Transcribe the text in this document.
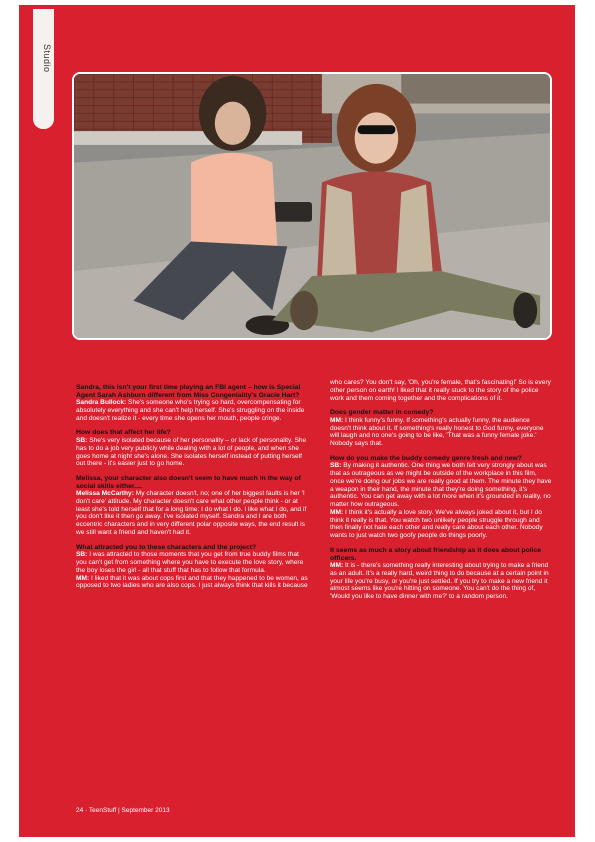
Studio

Sandra, this isn't your first time playing an FBI agent – how is Special Agent Sarah Ashburn different from Miss Congeniality's Gracie Hart?
Sandra Bullock: She's someone who's trying so hard, overcompensating for absolutely everything and she can't help herself. She's struggling on the inside and doesn't realize it - every time she opens her mouth, people cringe.

How does that affect her life?
SB: She's very isolated because of her personality – or lack of personality. She has to do a job very publicly while dealing with a lot of people, and when she goes home at night she's alone. She isolates herself instead of putting herself out there - it's easier just to go home.

Melissa, your character also doesn't seem to have much in the way of social skills either....
Melissa McCarthy: My character doesn't, no; one of her biggest faults is her 'I don't care' attitude. My character doesn't care what other people think - or at least she's told herself that for a long time: I do what I do. I like what I do, and if you don't like it then go away. I've isolated myself. Sandra and I are both eccentric characters and in very different polar opposite ways, the end result is we still want a friend and haven't had it.

What attracted you to these characters and the project?
SB: I was attracted to those moments that you get from true buddy films that you can't get from something where you have to execute the love story, where the boy loses the girl - all that stuff that has to follow that formula.
MM: I liked that it was about cops first and that they happened to be women, as opposed to two ladies who are also cops. I just always think that kills it because

who cares? You don't say, 'Oh, you're female, that's fascinating!' So is every other person on earth! I liked that it really stuck to the story of the police work and them coming together and the complications of it.

Does gender matter in comedy?
MM: I think funny's funny. If something's actually funny, the audience doesn't think about it. If something's really honest to God funny, everyone will laugh and no one's going to be like, 'That was a funny female joke.' Nobody says that.

How do you make the buddy comedy genre fresh and new?
SB: By making it authentic. One thing we both felt very strongly about was that as outrageous as we might be outside of the workplace in this film, once we're doing our jobs we are really good at them. The minute they have a weapon in their hand, the minute that they're doing something, it's authentic. You can get away with a lot more when it's grounded in reality, no matter how outrageous.
MM: I think it's actually a love story. We've always joked about it, but I do think it really is that. You watch two unlikely people struggle through and then finally not hate each other and really care about each other. Nobody wants to just watch two goofy people do things poorly.

It seems as much a story about friendship as it does about police officers.
MM: It is - there's something really interesting about trying to make a friend as an adult. It's a really hard, weird thing to do because at a certain point in your life you're busy, or you're just settled. If you try to make a new friend it almost seems like you're hitting on someone. You can't do the thing of, 'Would you like to have dinner with me?' to a random person.

24 · TeenStuff | September 2013
